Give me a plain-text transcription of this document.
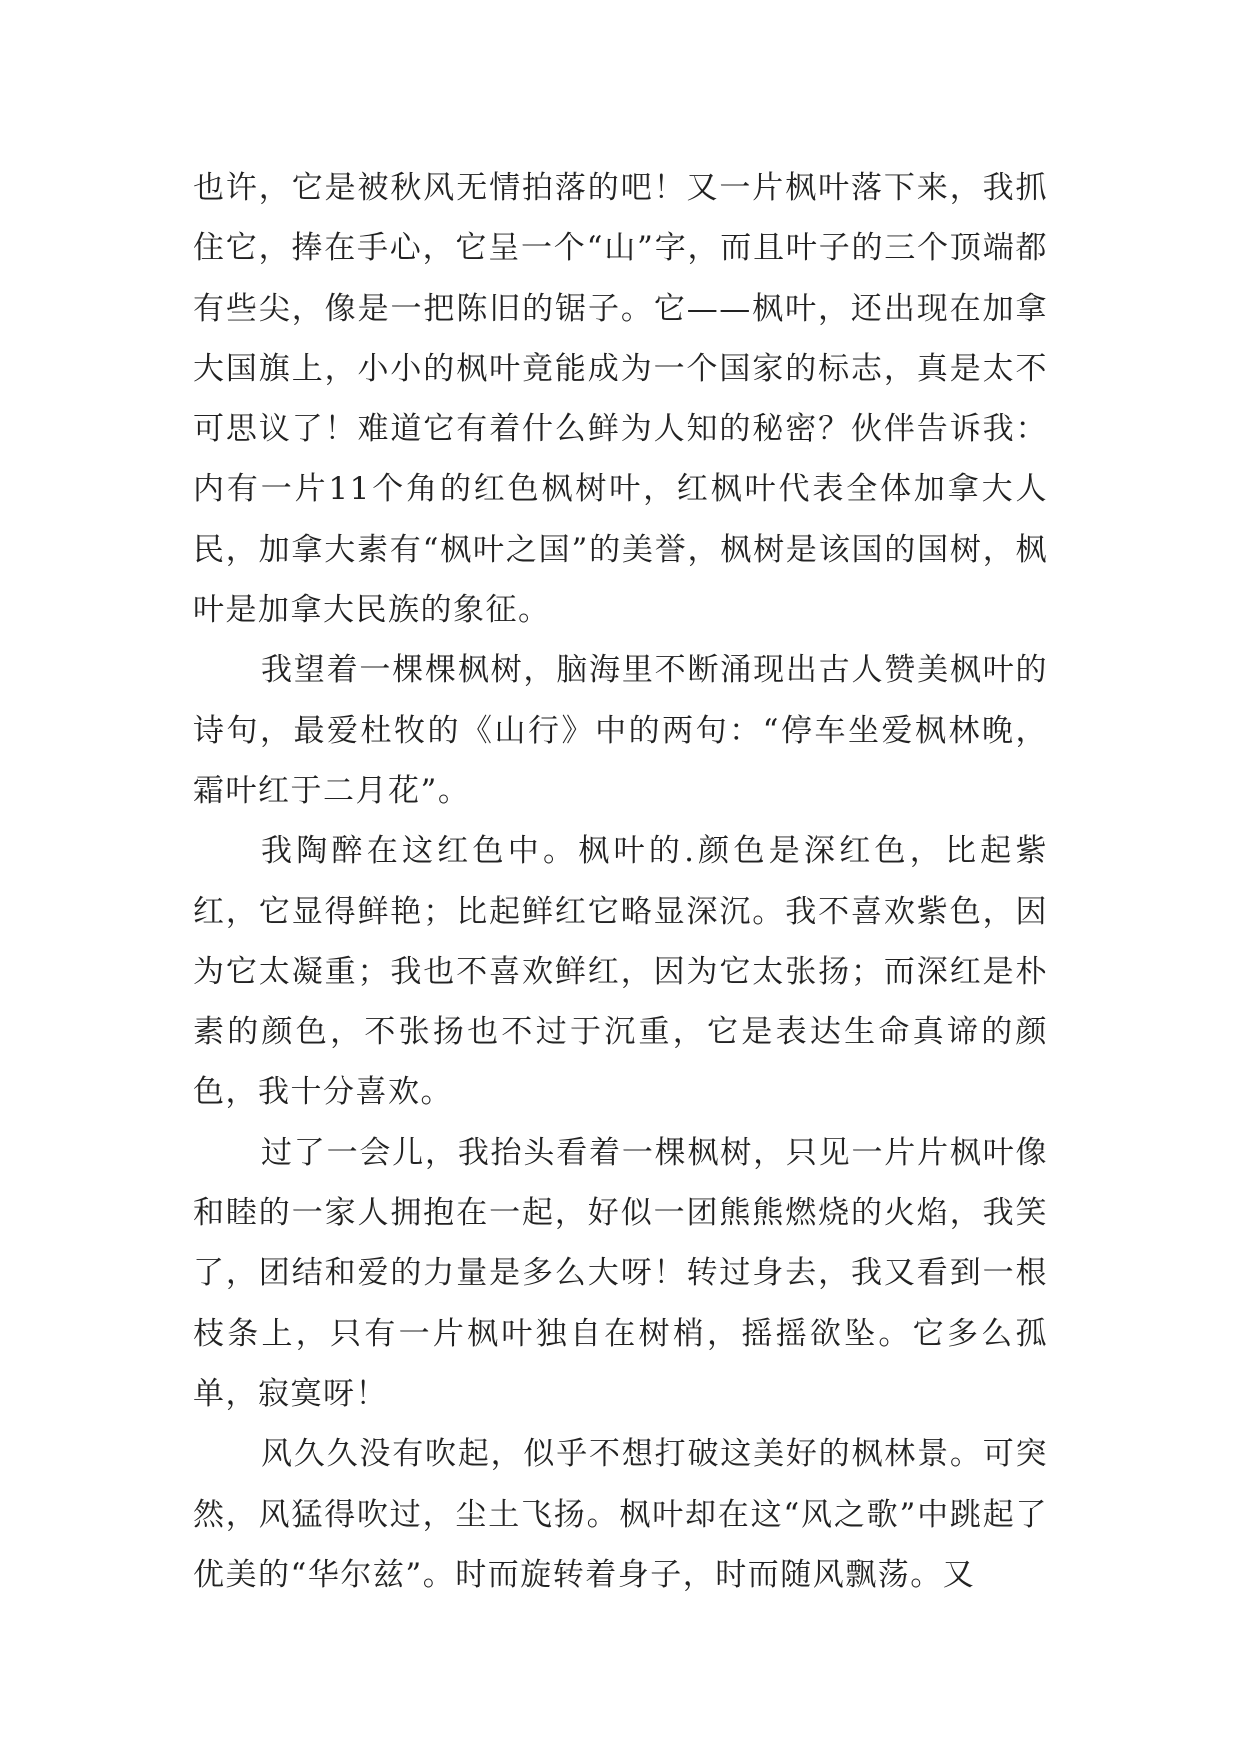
也许，它是被秋风无情拍落的吧！又一片枫叶落下来，我抓住它，捧在手心，它呈一个“山”字，而且叶子的三个顶端都有些尖，像是一把陈旧的锯子。它——枫叶，还出现在加拿大国旗上，小小的枫叶竟能成为一个国家的标志，真是太不可思议了！难道它有着什么鲜为人知的秘密？伙伴告诉我：内有一片11个角的红色枫树叶，红枫叶代表全体加拿大人民，加拿大素有“枫叶之国”的美誉，枫树是该国的国树，枫叶是加拿大民族的象征。

我望着一棵棵枫树，脑海里不断涌现出古人赞美枫叶的诗句，最爱杜牧的《山行》中的两句：“停车坐爱枫林晚，霜叶红于二月花”。

我陶醉在这红色中。枫叶的.颜色是深红色，比起紫红，它显得鲜艳；比起鲜红它略显深沉。我不喜欢紫色，因为它太凝重；我也不喜欢鲜红，因为它太张扬；而深红是朴素的颜色，不张扬也不过于沉重，它是表达生命真谛的颜色，我十分喜欢。

过了一会儿，我抬头看着一棵枫树，只见一片片枫叶像和睦的一家人拥抱在一起，好似一团熊熊燃烧的火焰，我笑了，团结和爱的力量是多么大呀！转过身去，我又看到一根枝条上，只有一片枫叶独自在树梢，摇摇欲坠。它多么孤单，寂寞呀！

风久久没有吹起，似乎不想打破这美好的枫林景。可突然，风猛得吹过，尘土飞扬。枫叶却在这“风之歌”中跳起了优美的“华尔兹”。时而旋转着身子，时而随风飘荡。又
